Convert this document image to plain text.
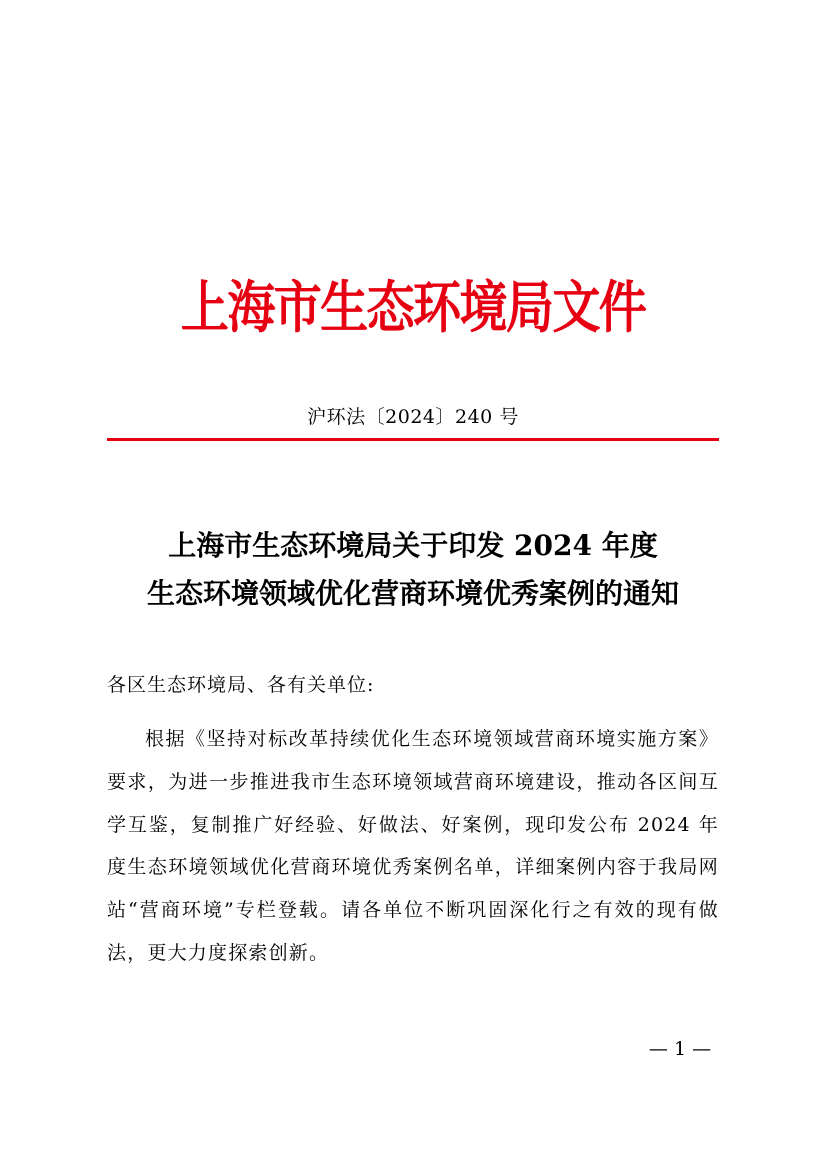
上海市生态环境局文件
沪环法〔2024〕240 号
上海市生态环境局关于印发 2024 年度
生态环境领域优化营商环境优秀案例的通知
各区生态环境局、各有关单位:
根据《坚持对标改革持续优化生态环境领域营商环境实施方案》要求，为进一步推进我市生态环境领域营商环境建设，推动各区间互学互鉴，复制推广好经验、好做法、好案例，现印发公布 2024 年度生态环境领域优化营商环境优秀案例名单，详细案例内容于我局网站“营商环境”专栏登载。请各单位不断巩固深化行之有效的现有做法，更大力度探索创新。
— 1 —
